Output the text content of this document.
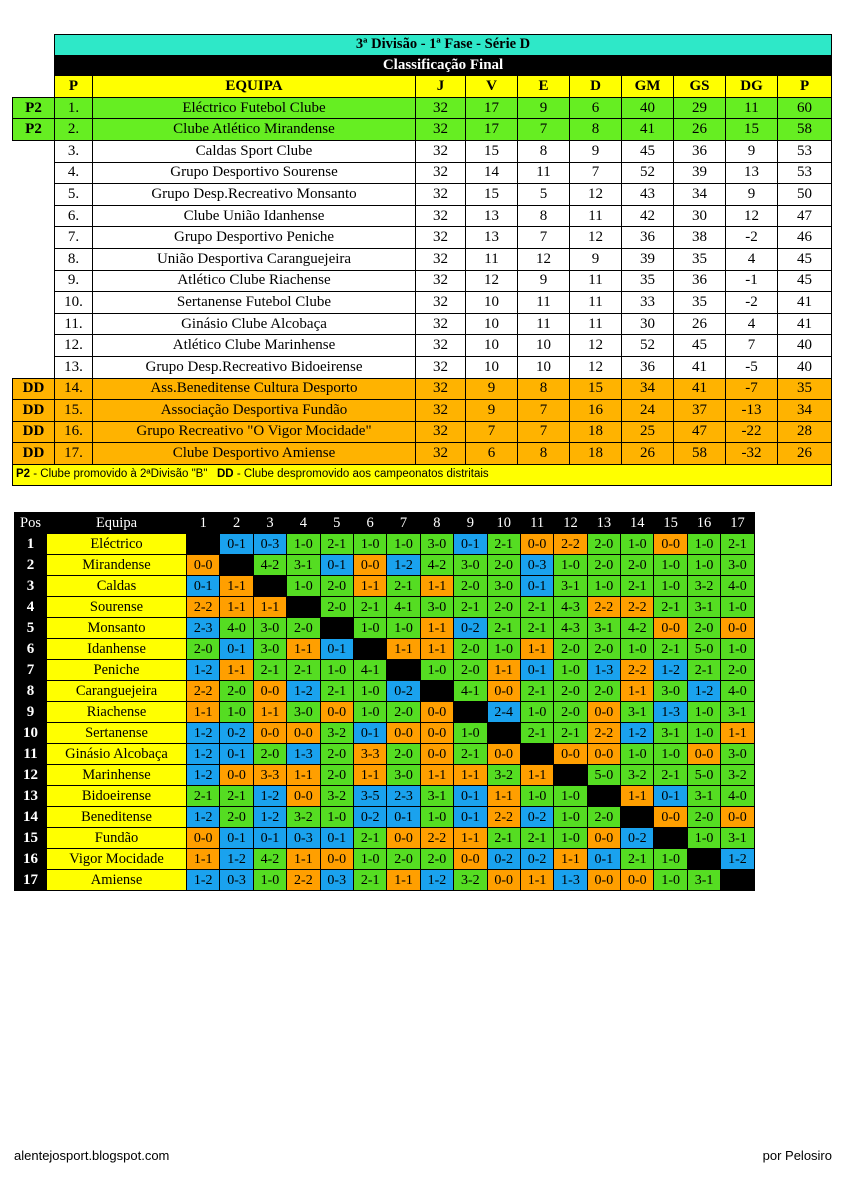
	3ª Divisão - 1ª Fase - Série D									
	Classificação Final									
	P	EQUIPA	J	V	E	D	GM	GS	DG	P
P2	1.	Eléctrico Futebol Clube	32	17	9	6	40	29	11	60
P2	2.	Clube Atlético Mirandense	32	17	7	8	41	26	15	58
	3.	Caldas Sport Clube	32	15	8	9	45	36	9	53
	4.	Grupo Desportivo Sourense	32	14	11	7	52	39	13	53
	5.	Grupo Desp.Recreativo Monsanto	32	15	5	12	43	34	9	50
	6.	Clube União Idanhense	32	13	8	11	42	30	12	47
	7.	Grupo Desportivo Peniche	32	13	7	12	36	38	-2	46
	8.	União Desportiva Caranguejeira	32	11	12	9	39	35	4	45
	9.	Atlético Clube Riachense	32	12	9	11	35	36	-1	45
	10.	Sertanense Futebol Clube	32	10	11	11	33	35	-2	41
	11.	Ginásio Clube Alcobaça	32	10	11	11	30	26	4	41
	12.	Atlético Clube Marinhense	32	10	10	12	52	45	7	40
	13.	Grupo Desp.Recreativo Bidoeirense	32	10	10	12	36	41	-5	40
DD	14.	Ass.Beneditense Cultura Desporto	32	9	8	15	34	41	-7	35
DD	15.	Associação Desportiva Fundão	32	9	7	16	24	37	-13	34
DD	16.	Grupo Recreativo "O Vigor Mocidade"	32	7	7	18	25	47	-22	28
DD	17.	Clube Desportivo Amiense	32	6	8	18	26	58	-32	26
P2 - Clube promovido à 2ªDivisão "B"   DD - Clube despromovido aos campeonatos distritais										
Pos	Equipa	1	2	3	4	5	6	7	8	9	10	11	12	13	14	15	16	17
1	Eléctrico		0-1	0-3	1-0	2-1	1-0	1-0	3-0	0-1	2-1	0-0	2-2	2-0	1-0	0-0	1-0	2-1
2	Mirandense	0-0		4-2	3-1	0-1	0-0	1-2	4-2	3-0	2-0	0-3	1-0	2-0	2-0	1-0	1-0	3-0
3	Caldas	0-1	1-1		1-0	2-0	1-1	2-1	1-1	2-0	3-0	0-1	3-1	1-0	2-1	1-0	3-2	4-0
4	Sourense	2-2	1-1	1-1		2-0	2-1	4-1	3-0	2-1	2-0	2-1	4-3	2-2	2-2	2-1	3-1	1-0
5	Monsanto	2-3	4-0	3-0	2-0		1-0	1-0	1-1	0-2	2-1	2-1	4-3	3-1	4-2	0-0	2-0	0-0
6	Idanhense	2-0	0-1	3-0	1-1	0-1		1-1	1-1	2-0	1-0	1-1	2-0	2-0	1-0	2-1	5-0	1-0
7	Peniche	1-2	1-1	2-1	2-1	1-0	4-1		1-0	2-0	1-1	0-1	1-0	1-3	2-2	1-2	2-1	2-0
8	Caranguejeira	2-2	2-0	0-0	1-2	2-1	1-0	0-2		4-1	0-0	2-1	2-0	2-0	1-1	3-0	1-2	4-0
9	Riachense	1-1	1-0	1-1	3-0	0-0	1-0	2-0	0-0		2-4	1-0	2-0	0-0	3-1	1-3	1-0	3-1
10	Sertanense	1-2	0-2	0-0	0-0	3-2	0-1	0-0	0-0	1-0		2-1	2-1	2-2	1-2	3-1	1-0	1-1
11	Ginásio Alcobaça	1-2	0-1	2-0	1-3	2-0	3-3	2-0	0-0	2-1	0-0		0-0	0-0	1-0	1-0	0-0	3-0
12	Marinhense	1-2	0-0	3-3	1-1	2-0	1-1	3-0	1-1	1-1	3-2	1-1		5-0	3-2	2-1	5-0	3-2
13	Bidoeirense	2-1	2-1	1-2	0-0	3-2	3-5	2-3	3-1	0-1	1-1	1-0	1-0		1-1	0-1	3-1	4-0
14	Beneditense	1-2	2-0	1-2	3-2	1-0	0-2	0-1	1-0	0-1	2-2	0-2	1-0	2-0		0-0	2-0	0-0
15	Fundão	0-0	0-1	0-1	0-3	0-1	2-1	0-0	2-2	1-1	2-1	2-1	1-0	0-0	0-2		1-0	3-1
16	Vigor Mocidade	1-1	1-2	4-2	1-1	0-0	1-0	2-0	2-0	0-0	0-2	0-2	1-1	0-1	2-1	1-0		1-2
17	Amiense	1-2	0-3	1-0	2-2	0-3	2-1	1-1	1-2	3-2	0-0	1-1	1-3	0-0	0-0	1-0	3-1	
alentejosport.blogspot.com	por Pelosiro
